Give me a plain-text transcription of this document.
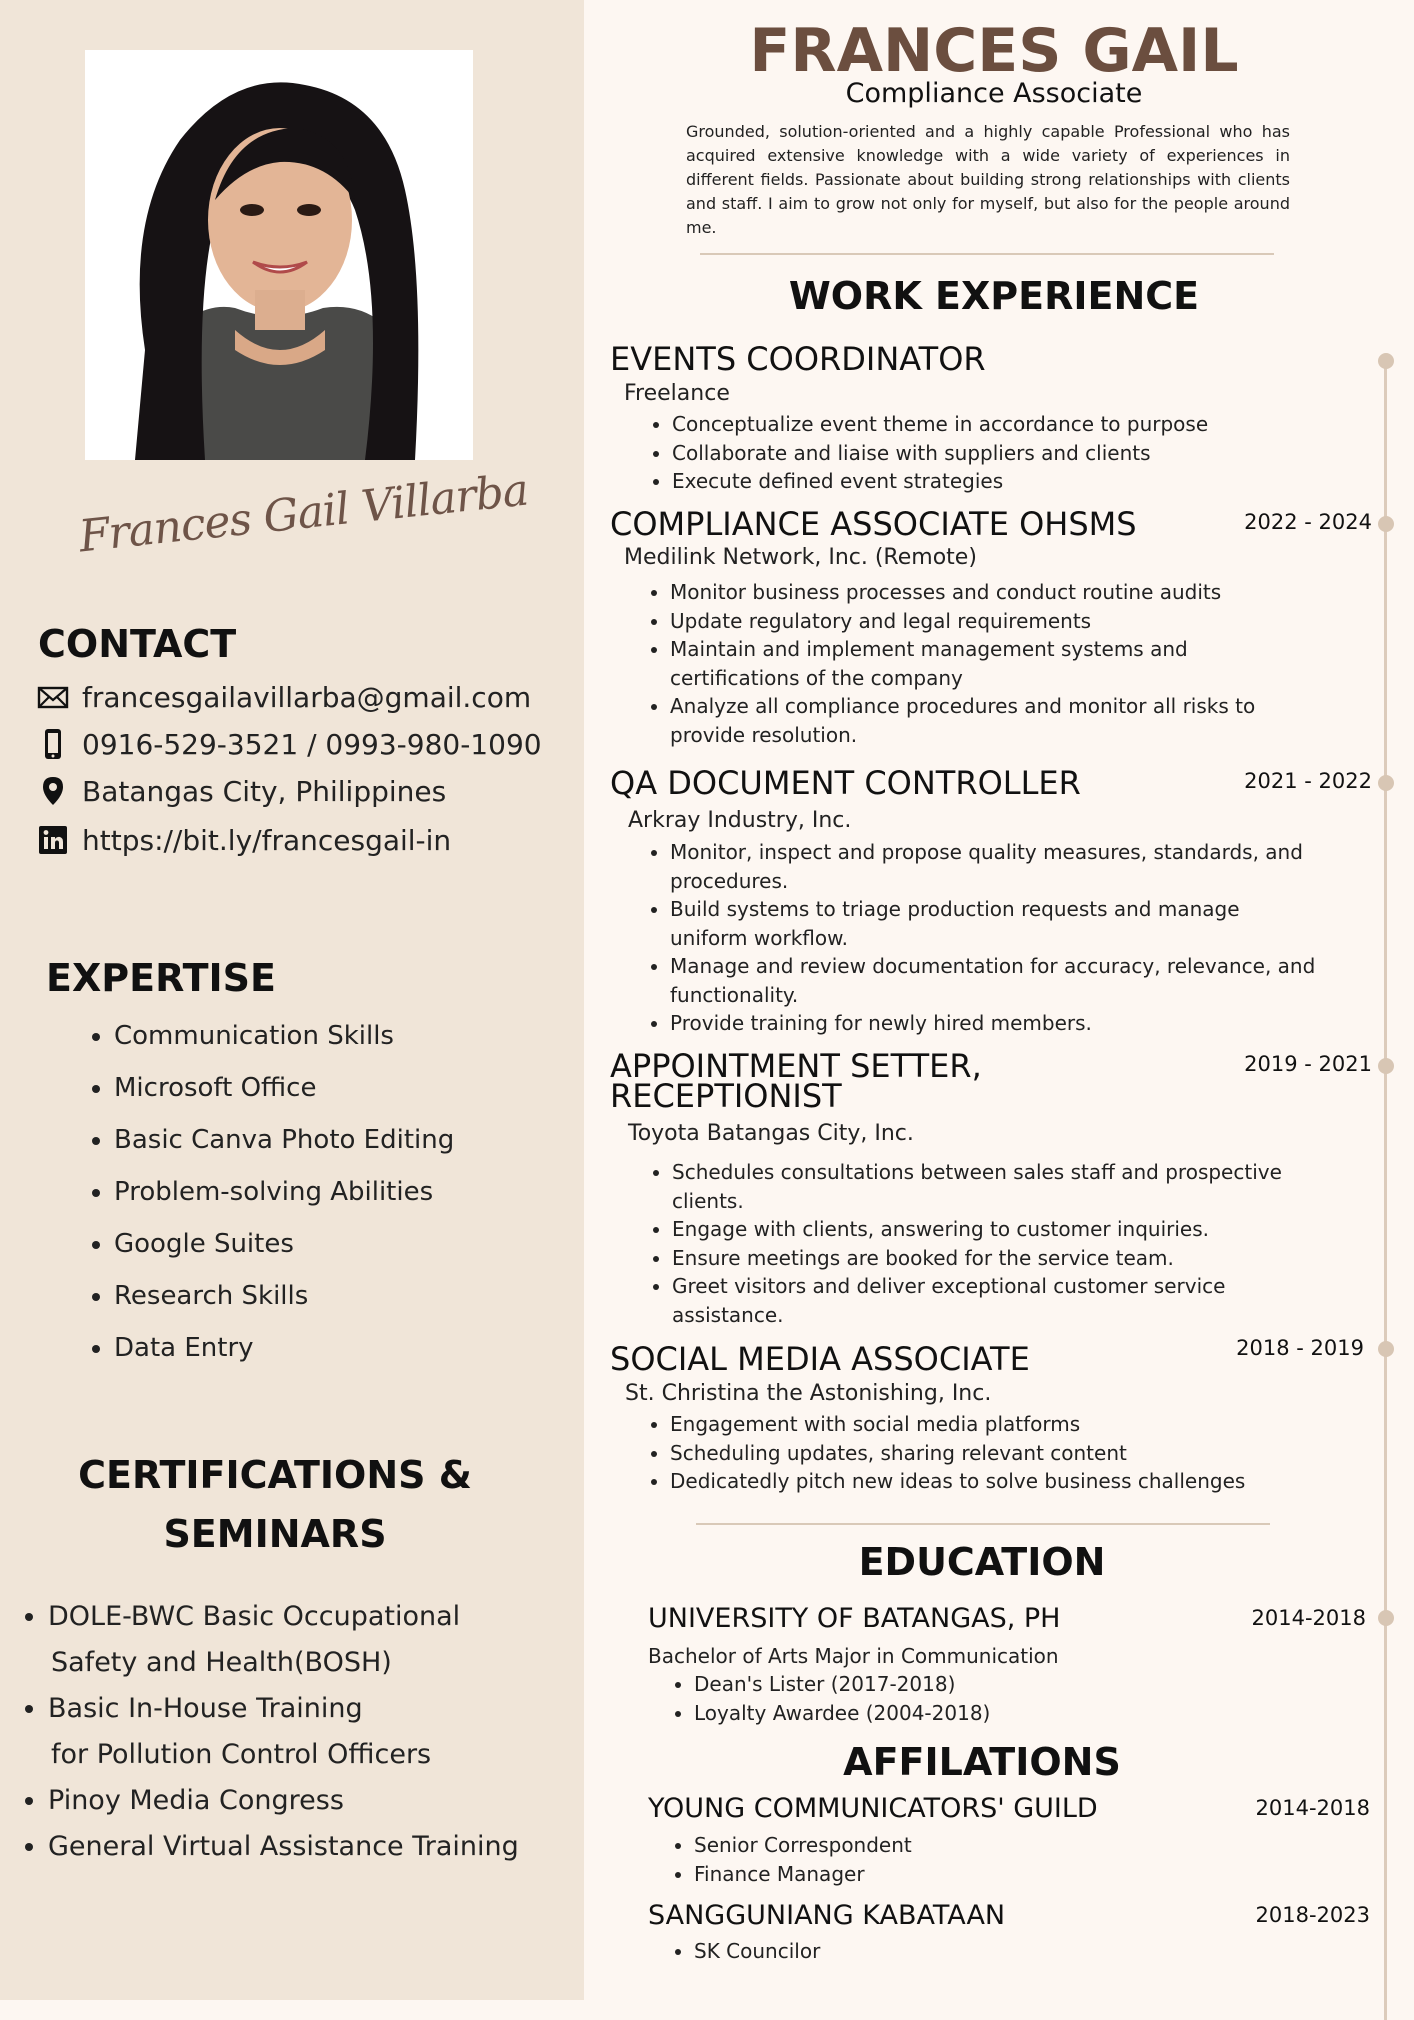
Frances Gail Villarba
CONTACT
francesgailavillarba@gmail.com
0916-529-3521 / 0993-980-1090
Batangas City, Philippines
https://bit.ly/francesgail-in
EXPERTISE
• Communication Skills
• Microsoft Office
• Basic Canva Photo Editing
• Problem-solving Abilities
• Google Suites
• Research Skills
• Data Entry
CERTIFICATIONS &
SEMINARS
• DOLE-BWC Basic Occupational
Safety and Health(BOSH)
• Basic In-House Training
for Pollution Control Officers
• Pinoy Media Congress
• General Virtual Assistance Training
FRANCES GAIL
Compliance Associate
Grounded, solution-oriented and a highly capable Professional who has acquired extensive knowledge with a wide variety of experiences in different fields. Passionate about building strong relationships with clients and staff. I aim to grow not only for myself, but also for the people around me.
WORK EXPERIENCE
EVENTS COORDINATOR
Freelance
• Conceptualize event theme in accordance to purpose
• Collaborate and liaise with suppliers and clients
• Execute defined event strategies
COMPLIANCE ASSOCIATE OHSMS	2022 - 2024
Medilink Network, Inc. (Remote)
• Monitor business processes and conduct routine audits
• Update regulatory and legal requirements
• Maintain and implement management systems and certifications of the company
• Analyze all compliance procedures and monitor all risks to provide resolution.
QA DOCUMENT CONTROLLER	2021 - 2022
Arkray Industry, Inc.
• Monitor, inspect and propose quality measures, standards, and procedures.
• Build systems to triage production requests and manage uniform workflow.
• Manage and review documentation for accuracy, relevance, and functionality.
• Provide training for newly hired members.
APPOINTMENT SETTER, RECEPTIONIST
2019 - 2021
Toyota Batangas City, Inc.
• Schedules consultations between sales staff and prospective clients.
• Engage with clients, answering to customer inquiries.
• Ensure meetings are booked for the service team.
• Greet visitors and deliver exceptional customer service assistance.
SOCIAL MEDIA ASSOCIATE	2018 - 2019
St. Christina the Astonishing, Inc.
• Engagement with social media platforms
• Scheduling updates, sharing relevant content
• Dedicatedly pitch new ideas to solve business challenges
EDUCATION
UNIVERSITY OF BATANGAS, PH	2014-2018
Bachelor of Arts Major in Communication
• Dean's Lister (2017-2018)
• Loyalty Awardee (2004-2018)
AFFILATIONS
YOUNG COMMUNICATORS' GUILD	2014-2018
• Senior Correspondent
• Finance Manager
SANGGUNIANG KABATAAN	2018-2023
• SK Councilor
